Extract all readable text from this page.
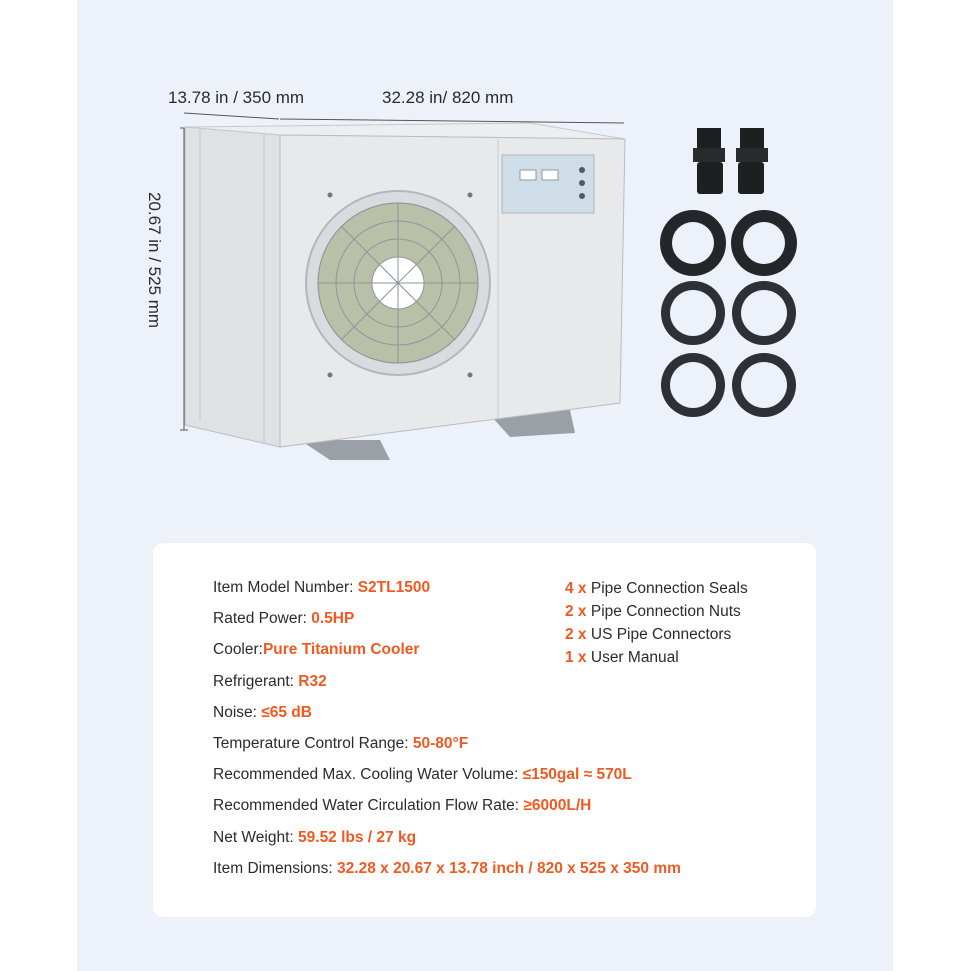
13.78 in / 350 mm	32.28 in/ 820 mm
20.67 in / 525 mm
Item Model Number: S2TL1500
Rated Power: 0.5HP
Cooler:Pure Titanium Cooler
Refrigerant: R32
Noise: ≤65 dB
Temperature Control Range: 50-80°F
Recommended Max. Cooling Water Volume: ≤150gal ≈ 570L
Recommended Water Circulation Flow Rate: ≥6000L/H
Net Weight: 59.52 lbs / 27 kg
Item Dimensions: 32.28 x 20.67 x 13.78 inch / 820 x 525 x 350 mm
4 x Pipe Connection Seals
2 x Pipe Connection Nuts
2 x US Pipe Connectors
1 x User Manual
